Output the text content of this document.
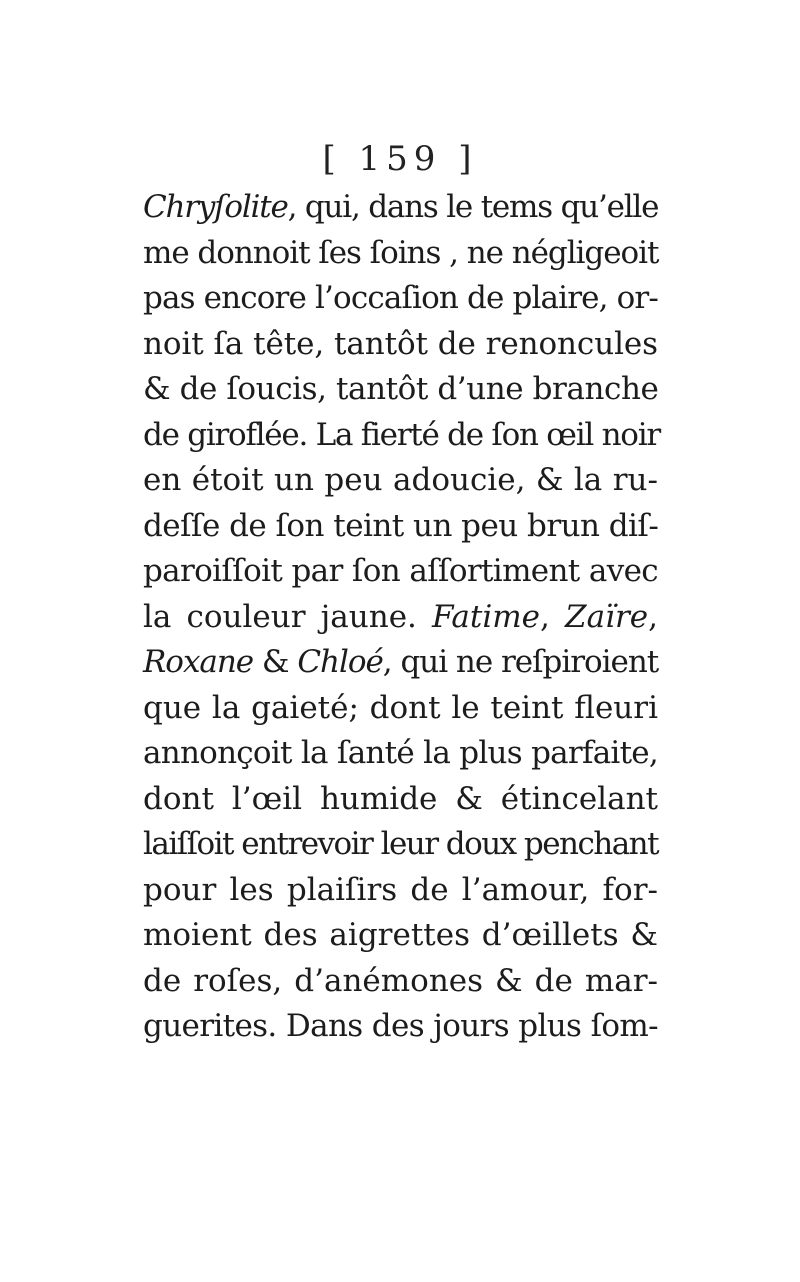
[ 159 ]
Chryſolite, qui, dans le tems qu’elle
me donnoit ſes ſoins , ne négligeoit
pas encore l’occaſion de plaire, or-
noit ſa tête, tantôt de renoncules
& de ſoucis, tantôt d’une branche
de giroflée. La fierté de ſon œil noir
en étoit un peu adoucie, & la ru-
deſſe de ſon teint un peu brun diſ-
paroiſſoit par ſon aſſortiment avec
la couleur jaune. Fatime, Zaïre,
Roxane & Chloé, qui ne reſpiroient
que la gaieté; dont le teint fleuri
annonçoit la ſanté la plus parfaite,
dont l’œil humide & étincelant
laiſſoit entrevoir leur doux penchant
pour les plaiſirs de l’amour, for-
moient des aigrettes d’œillets &
de roſes, d’anémones & de mar-
guerites. Dans des jours plus ſom-
